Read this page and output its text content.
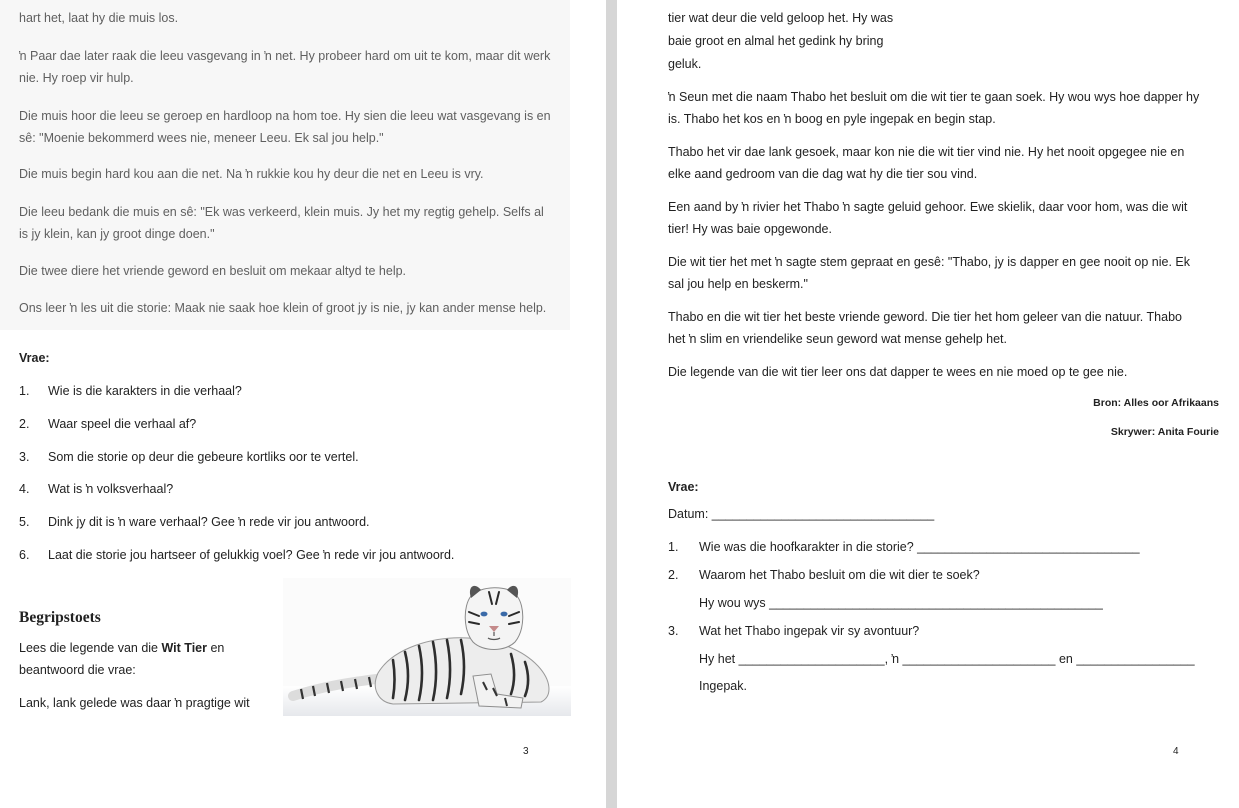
hart het, laat hy die muis los.
ŉ Paar dae later raak die leeu vasgevang in ŉ net. Hy probeer hard om uit te kom, maar dit werk
nie. Hy roep vir hulp.
Die muis hoor die leeu se geroep en hardloop na hom toe. Hy sien die leeu wat vasgevang is en
sê: "Moenie bekommerd wees nie, meneer Leeu. Ek sal jou help."
Die muis begin hard kou aan die net. Na ŉ rukkie kou hy deur die net en Leeu is vry.
Die leeu bedank die muis en sê: "Ek was verkeerd, klein muis. Jy het my regtig gehelp. Selfs al
is jy klein, kan jy groot dinge doen."
Die twee diere het vriende geword en besluit om mekaar altyd te help.
Ons leer ŉ les uit die storie: Maak nie saak hoe klein of groot jy is nie, jy kan ander mense help.
Vrae:
1. Wie is die karakters in die verhaal?
2. Waar speel die verhaal af?
3. Som die storie op deur die gebeure kortliks oor te vertel.
4. Wat is ŉ volksverhaal?
5. Dink jy dit is ŉ ware verhaal? Gee ŉ rede vir jou antwoord.
6. Laat die storie jou hartseer of gelukkig voel? Gee ŉ rede vir jou antwoord.
Begripstoets
Lees die legende van die Wit Tier en
beantwoord die vrae:
Lank, lank gelede was daar ŉ pragtige wit
3
tier wat deur die veld geloop het. Hy was
baie groot en almal het gedink hy bring
geluk.
ŉ Seun met die naam Thabo het besluit om die wit tier te gaan soek. Hy wou wys hoe dapper hy
is. Thabo het kos en ŉ boog en pyle ingepak en begin stap.
Thabo het vir dae lank gesoek, maar kon nie die wit tier vind nie. Hy het nooit opgegee nie en
elke aand gedroom van die dag wat hy die tier sou vind.
Een aand by ŉ rivier het Thabo ŉ sagte geluid gehoor. Ewe skielik, daar voor hom, was die wit
tier! Hy was baie opgewonde.
Die wit tier het met ŉ sagte stem gepraat en gesê: "Thabo, jy is dapper en gee nooit op nie. Ek
sal jou help en beskerm."
Thabo en die wit tier het beste vriende geword. Die tier het hom geleer van die natuur. Thabo
het ŉ slim en vriendelike seun geword wat mense gehelp het.
Die legende van die wit tier leer ons dat dapper te wees en nie moed op te gee nie.
Bron: Alles oor Afrikaans
Skrywer: Anita Fourie
Vrae:
Datum: ________________________________
1. Wie was die hoofkarakter in die storie? ________________________________
2. Waarom het Thabo besluit om die wit dier te soek?
Hy wou wys ________________________________________________
3. Wat het Thabo ingepak vir sy avontuur?
Hy het _____________________, ŉ ______________________ en _________________
Ingepak.
4
